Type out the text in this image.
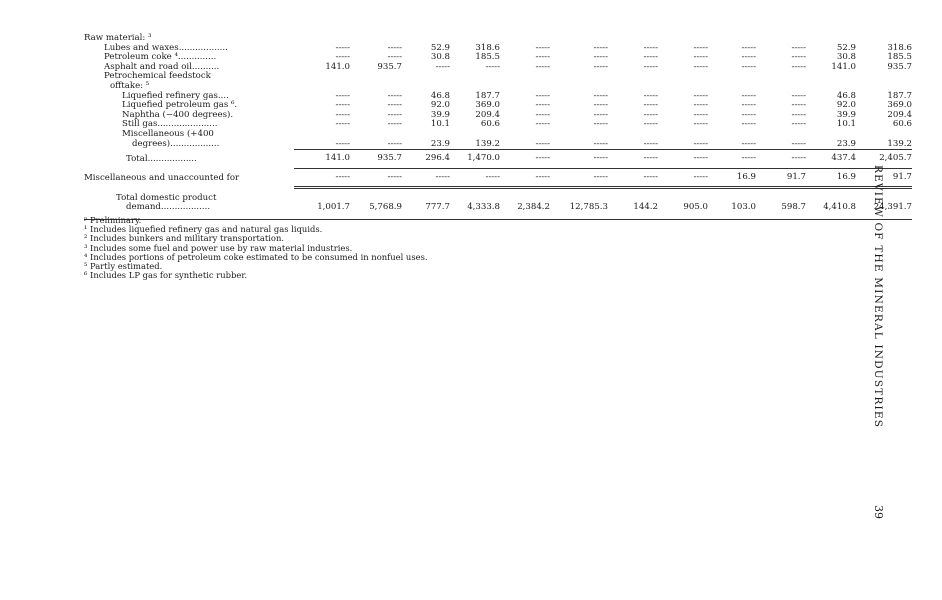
Raw material: ³												
Lubes and waxes..................	-----	-----	52.9	318.6	-----	-----	-----	-----	-----	-----	52.9	318.6
Petroleum coke ⁴..............	-----	-----	30.8	185.5	-----	-----	-----	-----	-----	-----	30.8	185.5
Asphalt and road oil..........	141.0	935.7	-----	-----	-----	-----	-----	-----	-----	-----	141.0	935.7
Petrochemical feedstock												
offtake: ⁵												
Liquefied refinery gas....	-----	-----	46.8	187.7	-----	-----	-----	-----	-----	-----	46.8	187.7
Liquefied petroleum gas ⁶.	-----	-----	92.0	369.0	-----	-----	-----	-----	-----	-----	92.0	369.0
Naphtha (−400 degrees).	-----	-----	39.9	209.4	-----	-----	-----	-----	-----	-----	39.9	209.4
Still gas......................	-----	-----	10.1	60.6	-----	-----	-----	-----	-----	-----	10.1	60.6
Miscellaneous (+400												
degrees)..................	-----	-----	23.9	139.2	-----	-----	-----	-----	-----	-----	23.9	139.2
Total..................	141.0	935.7	296.4	1,470.0	-----	-----	-----	-----	-----	-----	437.4	2,405.7
Miscellaneous and unaccounted for	-----	-----	-----	-----	-----	-----	-----	-----	16.9	91.7	16.9	91.7
Total domestic product												
demand..................	1,001.7	5,768.9	777.7	4,333.8	2,384.2	12,785.3	144.2	905.0	103.0	598.7	4,410.8	24,391.7
ᵖ Preliminary.
¹ Includes liquefied refinery gas and natural gas liquids.
² Includes bunkers and military transportation.
³ Includes some fuel and power use by raw material industries.
⁴ Includes portions of petroleum coke estimated to be consumed in nonfuel uses.
⁵ Partly estimated.
⁶ Includes LP gas for synthetic rubber.	REVIEW OF THE MINERAL INDUSTRIES
39
